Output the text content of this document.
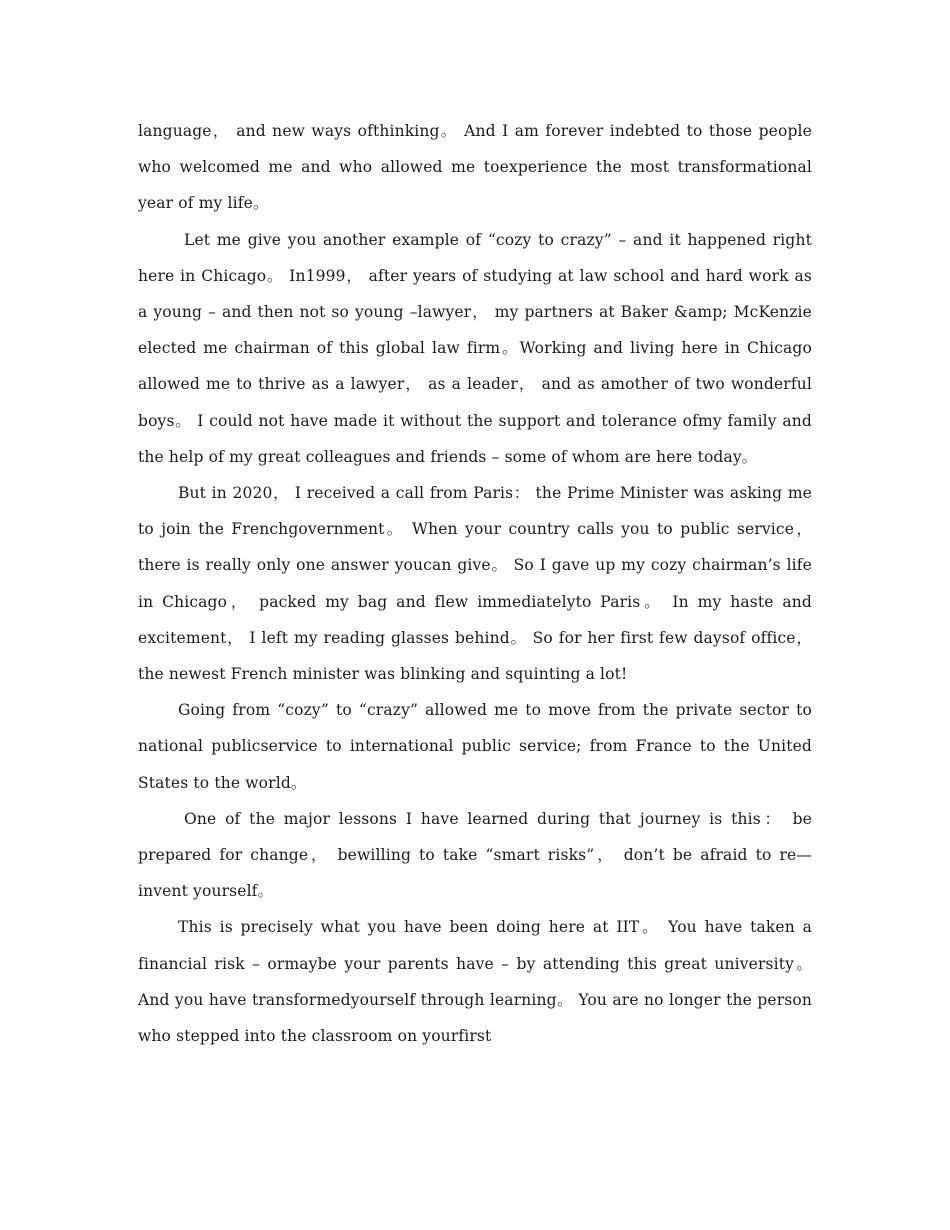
language， and new ways ofthinking。 And I am forever indebted to those people who welcomed me and who allowed me toexperience the most transformational year of my life。

Let me give you another example of “cozy to crazy” – and it happened right here in Chicago。 In1999， after years of studying at law school and hard work as a young – and then not so young –lawyer， my partners at Baker &amp; McKenzie elected me chairman of this global law firm。Working and living here in Chicago allowed me to thrive as a lawyer， as a leader， and as amother of two wonderful boys。 I could not have made it without the support and tolerance ofmy family and the help of my great colleagues and friends – some of whom are here today。

But in 2020， I received a call from Paris： the Prime Minister was asking me to join the Frenchgovernment。 When your country calls you to public service， there is really only one answer youcan give。 So I gave up my cozy chairman’s life in Chicago， packed my bag and flew immediatelyto Paris。 In my haste and excitement， I left my reading glasses behind。 So for her first few daysof office， the newest French minister was blinking and squinting a lot!

Going from “cozy” to “crazy” allowed me to move from the private sector to national publicservice to international public service; from France to the United States to the world。

One of the major lessons I have learned during that journey is this： be prepared for change， bewilling to take “smart risks”， don’t be afraid to re—invent yourself。

This is precisely what you have been doing here at IIT。 You have taken a financial risk – ormaybe your parents have – by attending this great university。 And you have transformedyourself through learning。 You are no longer the person who stepped into the classroom on yourfirst
